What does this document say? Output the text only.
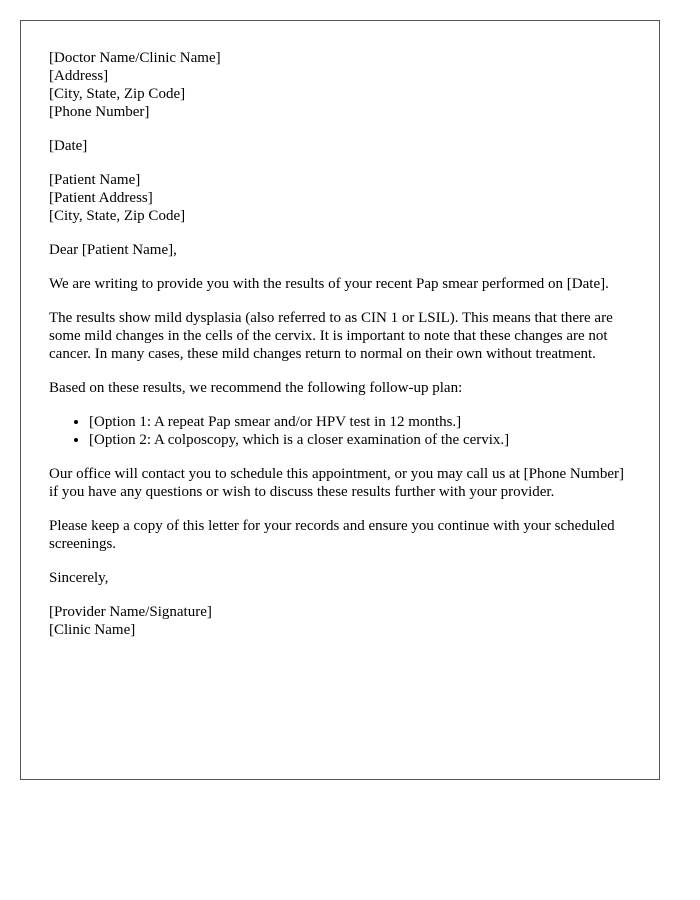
[Doctor Name/Clinic Name]
[Address]
[City, State, Zip Code]
[Phone Number]
[Date]
[Patient Name]
[Patient Address]
[City, State, Zip Code]

Dear [Patient Name],

We are writing to provide you with the results of your recent Pap smear performed on [Date].

The results show mild dysplasia (also referred to as CIN 1 or LSIL). This means that there are some mild changes in the cells of the cervix. It is important to note that these changes are not cancer. In many cases, these mild changes return to normal on their own without treatment.

Based on these results, we recommend the following follow-up plan:

• [Option 1: A repeat Pap smear and/or HPV test in 12 months.]
• [Option 2: A colposcopy, which is a closer examination of the cervix.]

Our office will contact you to schedule this appointment, or you may call us at [Phone Number] if you have any questions or wish to discuss these results further with your provider.

Please keep a copy of this letter for your records and ensure you continue with your scheduled screenings.

Sincerely,

[Provider Name/Signature]
[Clinic Name]
